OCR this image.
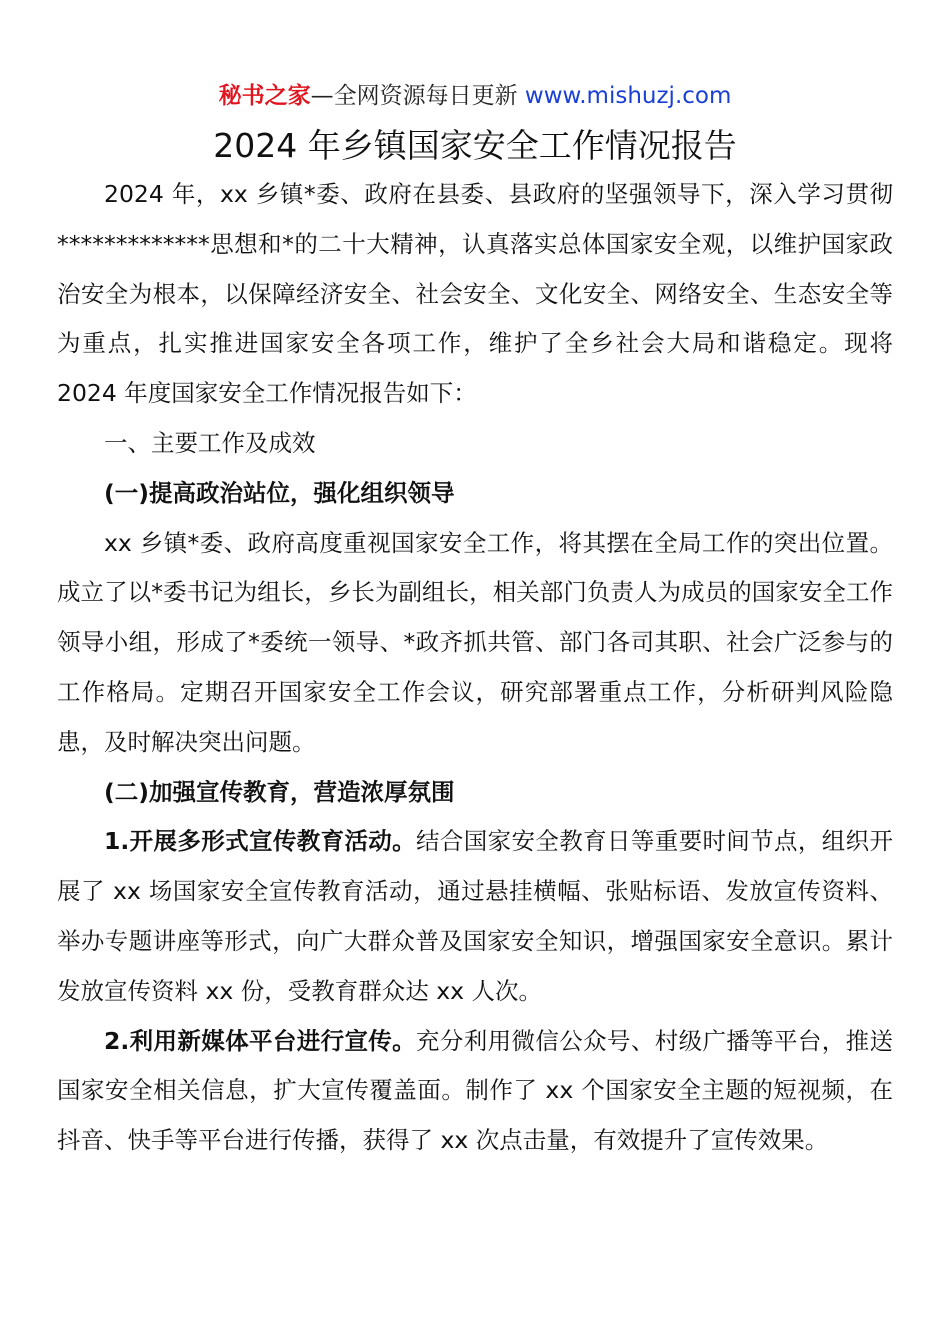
秘书之家—全网资源每日更新 www.mishuzj.com
2024 年乡镇国家安全工作情况报告

2024 年，xx 乡镇*委、政府在县委、县政府的坚强领导下，深入学习贯彻*************思想和*的二十大精神，认真落实总体国家安全观，以维护国家政治安全为根本，以保障经济安全、社会安全、文化安全、网络安全、生态安全等为重点，扎实推进国家安全各项工作，维护了全乡社会大局和谐稳定。现将 2024 年度国家安全工作情况报告如下：

一、主要工作及成效

(一)提高政治站位，强化组织领导

xx 乡镇*委、政府高度重视国家安全工作，将其摆在全局工作的突出位置。成立了以*委书记为组长，乡长为副组长，相关部门负责人为成员的国家安全工作领导小组，形成了*委统一领导、*政齐抓共管、部门各司其职、社会广泛参与的工作格局。定期召开国家安全工作会议，研究部署重点工作，分析研判风险隐患，及时解决突出问题。

(二)加强宣传教育，营造浓厚氛围

1.开展多形式宣传教育活动。结合国家安全教育日等重要时间节点，组织开展了 xx 场国家安全宣传教育活动，通过悬挂横幅、张贴标语、发放宣传资料、举办专题讲座等形式，向广大群众普及国家安全知识，增强国家安全意识。累计发放宣传资料 xx 份，受教育群众达 xx 人次。

2.利用新媒体平台进行宣传。充分利用微信公众号、村级广播等平台，推送国家安全相关信息，扩大宣传覆盖面。制作了 xx 个国家安全主题的短视频，在抖音、快手等平台进行传播，获得了 xx 次点击量，有效提升了宣传效果。
